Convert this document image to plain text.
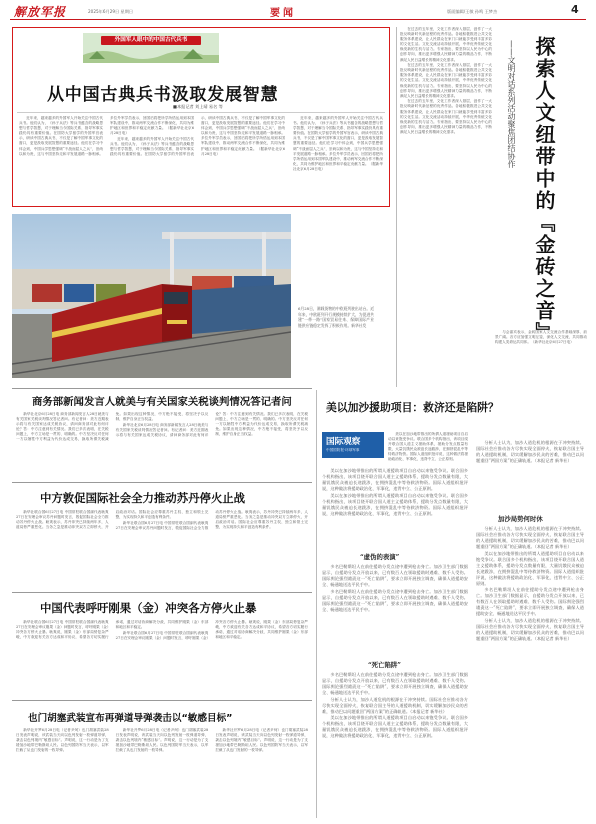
解放军报	2025年6月29日 星期日	要闻	版面编辑/王敏 孙鸣 王梦杰	4
外国军人眼中的中国古代兵书
从中国古典兵书汲取发展智慧
■本报记者 刘上靖 易名 等

近年来，越来越多的外国军人开始关注中国古代兵书。他们认为，《孙子兵法》等兵书蕴含的战略思想与哲学智慧，对于理解当今国际关系、指导军事实践仍具有重要价值。在国防大学留学的外国军官表示，研读中国古典兵书，不仅是了解中国军事文化的窗口，更是汲取发展智慧的重要途径。他们在学习中体会到，中国兵学思想强调“不战而屈人之兵”，崇尚以和为贵，这与中国坚持走和平发展道路一脉相承。多位外军学员表示，回国后将把所学所悟运用到本国军队建设中，推动两军交流合作不断深化，共同为维护地区和世界和平稳定贡献力量。（据新华社北京6月28日电）

近年来，越来越多的外国军人开始关注中国古代兵书。他们认为，《孙子兵法》等兵书蕴含的战略思想与哲学智慧，对于理解当今国际关系、指导军事实践仍具有重要价值。在国防大学留学的外国军官表示，研读中国古典兵书，不仅是了解中国军事文化的窗口，更是汲取发展智慧的重要途径。他们在学习中体会到，中国兵学思想强调“不战而屈人之兵”，崇尚以和为贵，这与中国坚持走和平发展道路一脉相承。多位外军学员表示，回国后将把所学所悟运用到本国军队建设中，推动两军交流合作不断深化，共同为维护地区和世界和平稳定贡献力量。（据新华社北京6月28日电）

近年来，越来越多的外国军人开始关注中国古代兵书。他们认为，《孙子兵法》等兵书蕴含的战略思想与哲学智慧，对于理解当今国际关系、指导军事实践仍具有重要价值。在国防大学留学的外国军官表示，研读中国古典兵书，不仅是了解中国军事文化的窗口，更是汲取发展智慧的重要途径。他们在学习中体会到，中国兵学思想强调“不战而屈人之兵”，崇尚以和为贵，这与中国坚持走和平发展道路一脉相承。多位外军学员表示，回国后将把所学所悟运用到本国军队建设中，推动两军交流合作不断深化，共同为维护地区和世界和平稳定贡献力量。（据新华社北京6月28日电）

6月28日，满载货物的中欧班列驶出站台。近年来，中欧班列开行规模持续扩大，为促进共建“一带一路”国家贸易往来、保障国际产业链供应链稳定发挥了积极作用。新华社发

在过去的五年里，文化工作者深入基层，创作了一大批反映新时代新征程的优秀作品。各地积极推进公共文化服务体系建设，让人民群众在家门口就能享受到丰富多彩的文化生活。文化交流活动持续开展，中华优秀传统文化焕发新的生机与活力。专家指出，要坚持以人民为中心的创作导向，推出更多增强人民精神力量的精品力作，不断满足人民日益增长的精神文化需求。

在过去的五年里，文化工作者深入基层，创作了一大批反映新时代新征程的优秀作品。各地积极推进公共文化服务体系建设，让人民群众在家门口就能享受到丰富多彩的文化生活。文化交流活动持续开展，中华优秀传统文化焕发新的生机与活力。专家指出，要坚持以人民为中心的创作导向，推出更多增强人民精神力量的精品力作，不断满足人民日益增长的精神文化需求。

在过去的五年里，文化工作者深入基层，创作了一大批反映新时代新征程的优秀作品。各地积极推进公共文化服务体系建设，让人民群众在家门口就能享受到丰富多彩的文化生活。文化交流活动持续开展，中华优秀传统文化焕发新的生机与活力。专家指出，要坚持以人民为中心的创作导向，推出更多增强人民精神力量的精品力作，不断满足人民日益增长的精神文化需求。	探索人文纽带中的『金砖之音』
——文明对话系列活动聚焦团结协作

与会嘉宾表示，金砖国家人文交流合作基础深厚、前景广阔。各方应加强文明互鉴，深化人文交流，共同推动构建人类命运共同体。（新华社北京6月27日电）

商务部新闻发言人就美与有关国家关税谈判情况答记者问

新华社北京6月28日电 商务部新闻发言人28日就美与有关国家关税谈判情况答记者问。有记者问：美方近期表示将与有关国家达成关税协议，请问商务部对此有何评论？答：中方注意到有关情况。我们已多次表明，在关税问题上，中方立场是一贯的、明确的。中方坚决反对任何一方以牺牲中方利益为代价达成交易，换取所谓关税减免。如果出现这种情况，中方绝不接受，将坚决予以反制，维护自身正当权益。

新华社北京6月28日电 商务部新闻发言人28日就美与有关国家关税谈判情况答记者问。有记者问：美方近期表示将与有关国家达成关税协议，请问商务部对此有何评论？答：中方注意到有关情况。我们已多次表明，在关税问题上，中方立场是一贯的、明确的。中方坚决反对任何一方以牺牲中方利益为代价达成交易，换取所谓关税减免。如果出现这种情况，中方绝不接受，将坚决予以反制，维护自身正当权益。

中方敦促国际社会全力推动苏丹停火止战

新华社联合国6月27日电 中国常驻联合国副代表耿爽27日在安理会审议苏丹问题时发言，敦促国际社会全力推动苏丹停火止战。耿爽表示，苏丹冲突已持续两年多，人道局势严重恶化。当务之急是推动冲突双方立即停火，开启政治对话。国际社会应尊重苏丹主权、独立和领土完整，为实现持久和平创造有利条件。

新华社联合国6月27日电 中国常驻联合国副代表耿爽27日在安理会审议苏丹问题时发言，敦促国际社会全力推动苏丹停火止战。耿爽表示，苏丹冲突已持续两年多，人道局势严重恶化。当务之急是推动冲突双方立即停火，开启政治对话。国际社会应尊重苏丹主权、独立和领土完整，为实现持久和平创造有利条件。

中国代表呼吁刚果（金）冲突各方停火止暴

新华社联合国6月27日电 中国常驻联合国副代表耿爽27日在安理会审议刚果（金）问题时发言，呼吁刚果（金）冲突各方停火止暴。耿爽说，刚果（金）东部局势复杂严峻，中方欢迎有关各方达成和平协议，希望各方切实履行承诺，通过对话协商解决分歧，共同维护刚果（金）东部和地区和平稳定。

新华社联合国6月27日电 中国常驻联合国副代表耿爽27日在安理会审议刚果（金）问题时发言，呼吁刚果（金）冲突各方停火止暴。耿爽说，刚果（金）东部局势复杂严峻，中方欢迎有关各方达成和平协议，希望各方切实履行承诺，通过对话协商解决分歧，共同维护刚果（金）东部和地区和平稳定。

也门胡塞武装宣布再弹道导弹袭击以“敏感目标”

新华社开罗6月28日电（记者尹炣）也门胡塞武装28日发表声明说，该武装当天向以色列发射一枚弹道导弹，袭击以色列境内“敏感目标”。声明说，这一行动是为了支援加沙地带巴勒斯坦人民。以色列国防军当天表示，以军拦截了从也门发射的一枚导弹。

新华社开罗6月28日电（记者尹炣）也门胡塞武装28日发表声明说，该武装当天向以色列发射一枚弹道导弹，袭击以色列境内“敏感目标”。声明说，这一行动是为了支援加沙地带巴勒斯坦人民。以色列国防军当天表示，以军拦截了从也门发射的一枚导弹。

新华社开罗6月28日电（记者尹炣）也门胡塞武装28日发表声明说，该武装当天向以色列发射一枚弹道导弹，袭击以色列境内“敏感目标”。声明说，这一行动是为了支援加沙地带巴勒斯坦人民。以色列国防军当天表示，以军拦截了从也门发射的一枚导弹。

美以加沙援助项目：救济还是陷阱？
国际观察
中国国防报·环球军事

美以在加沙地带推出的所谓人道援助项目自启动以来饱受争议。联合国多个机构指出，该项目绕开联合国人道主义援助体系，援助分发点数量有限，大量饥饿民众被迫长途跋涉，在拥挤混乱中等待救济物资。国际人道组织批评说，这种做法将援助政治化、军事化，违背中立、公正原则。

美以在加沙地带推出的所谓人道援助项目自启动以来饱受争议。联合国多个机构指出，该项目绕开联合国人道主义援助体系，援助分发点数量有限，大量饥饿民众被迫长途跋涉，在拥挤混乱中等待救济物资。国际人道组织批评说，这种做法将援助政治化、军事化，违背中立、公正原则。

美以在加沙地带推出的所谓人道援助项目自启动以来饱受争议。联合国多个机构指出，该项目绕开联合国人道主义援助体系，援助分发点数量有限，大量饥饿民众被迫长途跋涉，在拥挤混乱中等待救济物资。国际人道组织批评说，这种做法将援助政治化、军事化，违背中立、公正原则。

“虚伪的表演”

多名巴勒斯坦人在前往援助分发点途中遭到枪击身亡。加沙卫生部门数据显示，自援助分发点开放以来，已有数百人在领取援助时遇难、数千人受伤。国际舆论强烈谴责这一“死亡陷阱”，要求立即开展独立调查，确保人道援助安全、畅通地送达平民手中。

多名巴勒斯坦人在前往援助分发点途中遭到枪击身亡。加沙卫生部门数据显示，自援助分发点开放以来，已有数百人在领取援助时遇难、数千人受伤。国际舆论强烈谴责这一“死亡陷阱”，要求立即开展独立调查，确保人道援助安全、畅通地送达平民手中。

“死亡陷阱”

多名巴勒斯坦人在前往援助分发点途中遭到枪击身亡。加沙卫生部门数据显示，自援助分发点开放以来，已有数百人在领取援助时遇难、数千人受伤。国际舆论强烈谴责这一“死亡陷阱”，要求立即开展独立调查，确保人道援助安全、畅通地送达平民手中。

分析人士认为，加沙人道危机的根源在于冲突持续。国际社会应推动各方尽快实现全面停火，恢复联合国主导的人道援助机制，切实缓解加沙民众的苦难，推动巴以问题重回“两国方案”的正确轨道。（本报记者 新华社）

美以在加沙地带推出的所谓人道援助项目自启动以来饱受争议。联合国多个机构指出，该项目绕开联合国人道主义援助体系，援助分发点数量有限，大量饥饿民众被迫长途跋涉，在拥挤混乱中等待救济物资。国际人道组织批评说，这种做法将援助政治化、军事化，违背中立、公正原则。

分析人士认为，加沙人道危机的根源在于冲突持续。国际社会应推动各方尽快实现全面停火，恢复联合国主导的人道援助机制，切实缓解加沙民众的苦难，推动巴以问题重回“两国方案”的正确轨道。（本报记者 新华社）

加沙局势何时休

分析人士认为，加沙人道危机的根源在于冲突持续。国际社会应推动各方尽快实现全面停火，恢复联合国主导的人道援助机制，切实缓解加沙民众的苦难，推动巴以问题重回“两国方案”的正确轨道。（本报记者 新华社）

美以在加沙地带推出的所谓人道援助项目自启动以来饱受争议。联合国多个机构指出，该项目绕开联合国人道主义援助体系，援助分发点数量有限，大量饥饿民众被迫长途跋涉，在拥挤混乱中等待救济物资。国际人道组织批评说，这种做法将援助政治化、军事化，违背中立、公正原则。

多名巴勒斯坦人在前往援助分发点途中遭到枪击身亡。加沙卫生部门数据显示，自援助分发点开放以来，已有数百人在领取援助时遇难、数千人受伤。国际舆论强烈谴责这一“死亡陷阱”，要求立即开展独立调查，确保人道援助安全、畅通地送达平民手中。

分析人士认为，加沙人道危机的根源在于冲突持续。国际社会应推动各方尽快实现全面停火，恢复联合国主导的人道援助机制，切实缓解加沙民众的苦难，推动巴以问题重回“两国方案”的正确轨道。（本报记者 新华社）
